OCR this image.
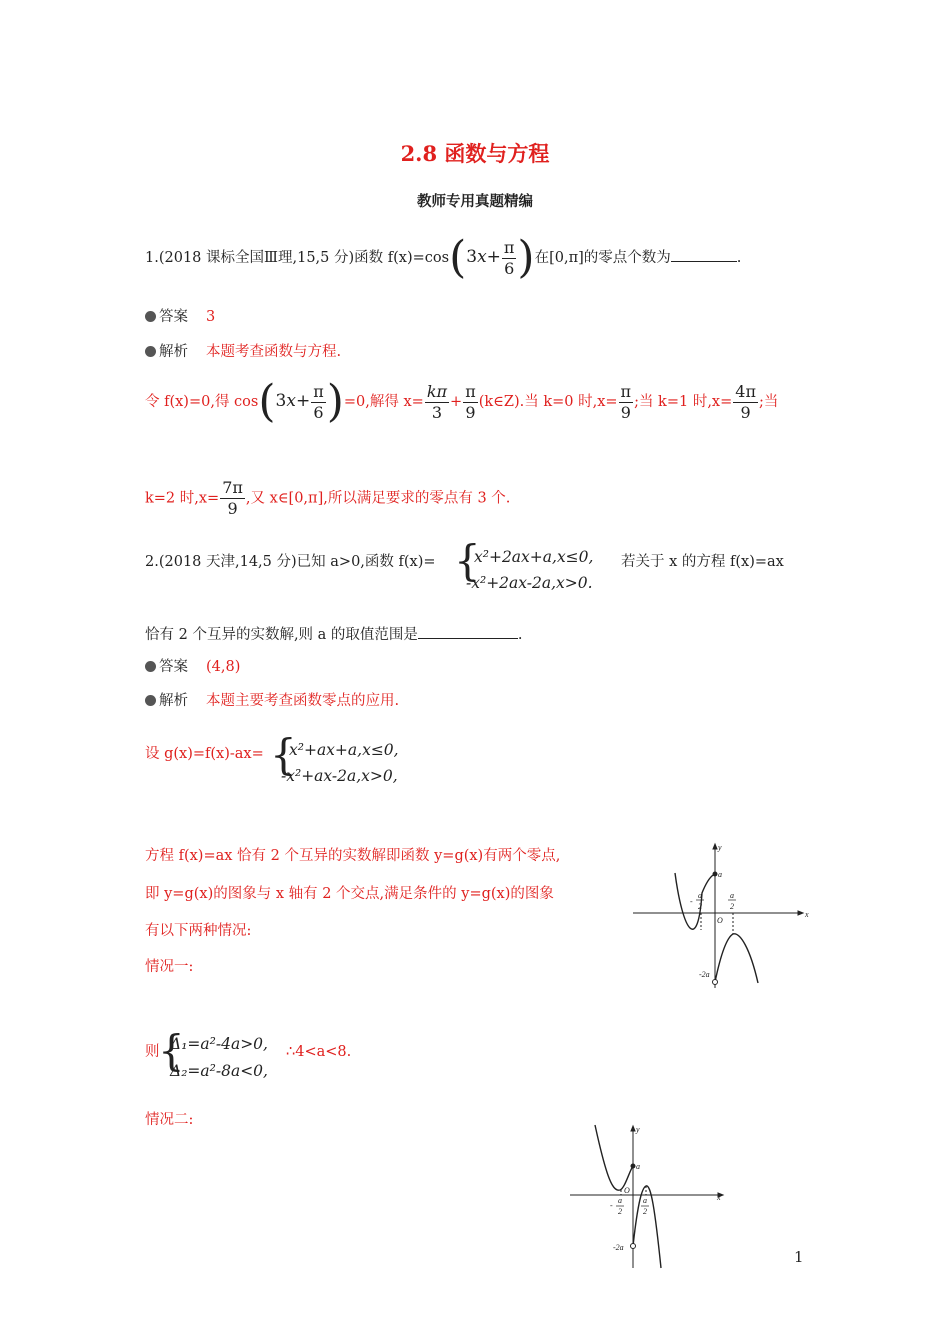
2.8 函数与方程
教师专用真题精编
1.(2018 课标全国Ⅲ理,15,5 分)函数 $f(x)=\cos(3x+ \frac{\pi}{6}$ )在[0,π]的零点个数为	.
答案 3
解析 本题考查函数与方程.
令 f(x)=0,得 $\cos(3x+ \frac{\pi}{6} )=0$,解得 $x= \frac{k\pi}{3} + \frac{\pi}{9}$ (k∈Z).当 k=0 时$,x= \frac{\pi}{9}$ ;当 k=1 时$,x= \frac{4\pi}{9}$ ;当
k=2 时$,x= \frac{7\pi}{9}$ ,又 x∈[0,π],所以满足要求的零点有 3 个.
2.(2018 天津,14,5 分)已知 a>0,函数 f(x)= {
x²+2ax+a,x≤0,
-x²+2ax-2a,x>0.
若关于 x 的方程 f(x)=ax
恰有 2 个互异的实数解,则 a 的取值范围是	.
答案 (4,8)
解析 本题主要考查函数零点的应用.
设 g(x)=f(x)-ax= {
x²+ax+a,x≤0,
-x²+ax-2a,x>0,
方程 f(x)=ax 恰有 2 个互异的实数解即函数 y=g(x)有两个零点,
即 y=g(x)的图象与 x 轴有 2 个交点,满足条件的 y=g(x)的图象
有以下两种情况:
情况一:
则
{
Δ₁=a²-4a>0,
Δ₂=a²-8a<0,
∴4<a<8.
情况二:
y
x
O
a
-2a
-
a
2
a
2
y
x
O
a
-2a
-
a
2
a
2
1
